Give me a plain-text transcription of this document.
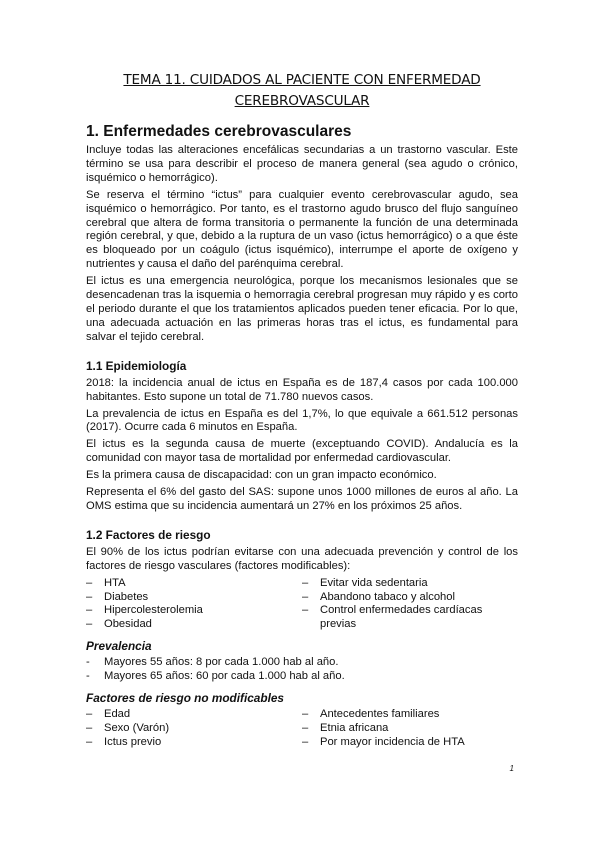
TEMA 11. CUIDADOS AL PACIENTE CON ENFERMEDAD CEREBROVASCULAR
1. Enfermedades cerebrovasculares

Incluye todas las alteraciones encefálicas secundarias a un trastorno vascular. Este término se usa para describir el proceso de manera general (sea agudo o crónico, isquémico o hemorrágico).

Se reserva el término “ictus” para cualquier evento cerebrovascular agudo, sea isquémico o hemorrágico. Por tanto, es el trastorno agudo brusco del flujo sanguíneo cerebral que altera de forma transitoria o permanente la función de una determinada región cerebral, y que, debido a la ruptura de un vaso (ictus hemorrágico) o a que éste es bloqueado por un coágulo (ictus isquémico), interrumpe el aporte de oxígeno y nutrientes y causa el daño del parénquima cerebral.

El ictus es una emergencia neurológica, porque los mecanismos lesionales que se desencadenan tras la isquemia o hemorragia cerebral progresan muy rápido y es corto el periodo durante el que los tratamientos aplicados pueden tener eficacia. Por lo que, una adecuada actuación en las primeras horas tras el ictus, es fundamental para salvar el tejido cerebral.

1.1 Epidemiología

2018: la incidencia anual de ictus en España es de 187,4 casos por cada 100.000 habitantes. Esto supone un total de 71.780 nuevos casos.

La prevalencia de ictus en España es del 1,7%, lo que equivale a 661.512 personas (2017). Ocurre cada 6 minutos en España.

El ictus es la segunda causa de muerte (exceptuando COVID). Andalucía es la comunidad con mayor tasa de mortalidad por enfermedad cardiovascular.

Es la primera causa de discapacidad: con un gran impacto económico.

Representa el 6% del gasto del SAS: supone unos 1000 millones de euros al año. La OMS estima que su incidencia aumentará un 27% en los próximos 25 años.

1.2 Factores de riesgo

El 90% de los ictus podrían evitarse con una adecuada prevención y control de los factores de riesgo vasculares (factores modificables):

– HTA
– Diabetes
– Hipercolesterolemia
– Obesidad
– Evitar vida sedentaria
– Abandono tabaco y alcohol
– Control enfermedades cardíacas previas
Prevalencia
- Mayores 55 años: 8 por cada 1.000 hab al año.
- Mayores 65 años: 60 por cada 1.000 hab al año.
Factores de riesgo no modificables
– Edad
– Sexo (Varón)
– Ictus previo
– Antecedentes familiares
– Etnia africana
– Por mayor incidencia de HTA
1
